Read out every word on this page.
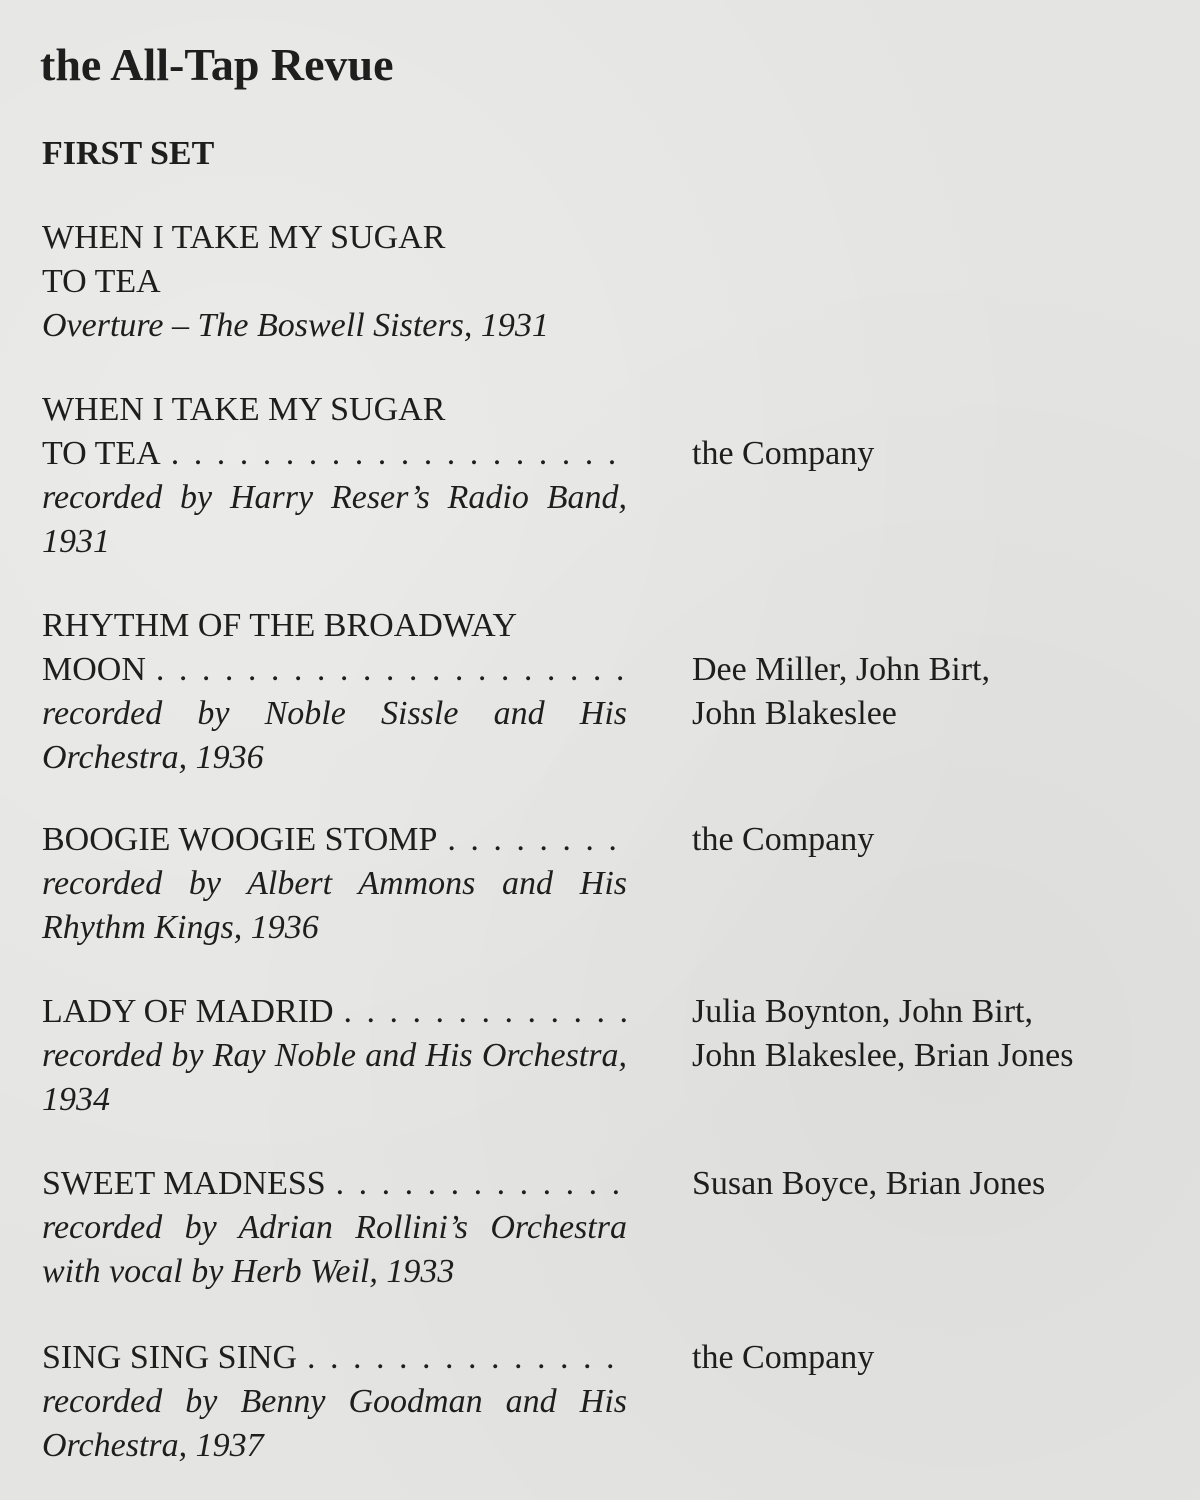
the All-Tap Revue
FIRST SET
WHEN I TAKE MY SUGAR
TO TEA
Overture – The Boswell Sisters, 1931
WHEN I TAKE MY SUGAR
TO TEA
. . .
recorded by Harry Reser’s Radio Band, 1931
the Company
RHYTHM OF THE BROADWAY
MOON
. . .
recorded by Noble Sissle and His Orchestra, 1936
Dee Miller, John Birt,
John Blakeslee
BOOGIE WOOGIE STOMP
. . .
recorded by Albert Ammons and His Rhythm Kings, 1936
the Company
LADY OF MADRID
. . .
recorded by Ray Noble and His Orchestra, 1934
Julia Boynton, John Birt,
John Blakeslee, Brian Jones
SWEET MADNESS
. . .
recorded by Adrian Rollini’s Orchestra with vocal by Herb Weil, 1933
Susan Boyce, Brian Jones
SING SING SING
. . .
recorded by Benny Goodman and His Orchestra, 1937
the Company
